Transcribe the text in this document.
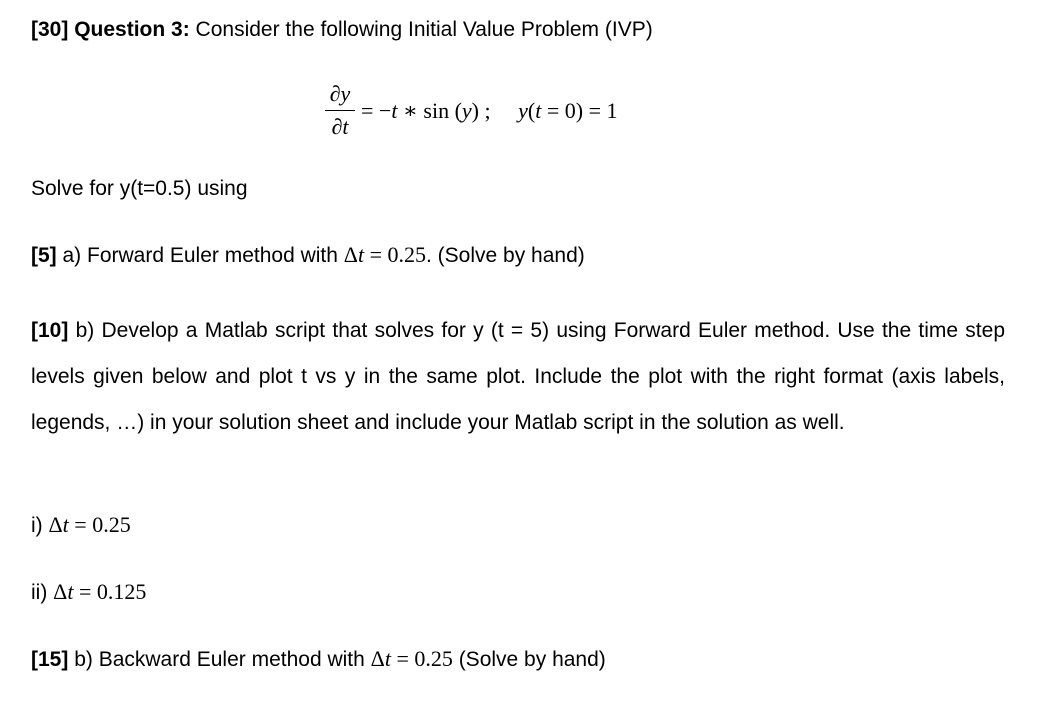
[30] Question 3: Consider the following Initial Value Problem (IVP)
∂y
∂t
= −t ∗ sin (y) ;     y(t = 0) = 1
Solve for y(t=0.5) using
[5] a) Forward Euler method with Δt = 0.25. (Solve by hand)
[10] b) Develop a Matlab script that solves for y (t = 5) using Forward Euler method. Use the time step levels given below and plot t vs y in the same plot. Include the plot with the right format (axis labels, legends, …) in your solution sheet and include your Matlab script in the solution as well.
i) Δt = 0.25
ii) Δt = 0.125
[15] b) Backward Euler method with Δt = 0.25 (Solve by hand)
